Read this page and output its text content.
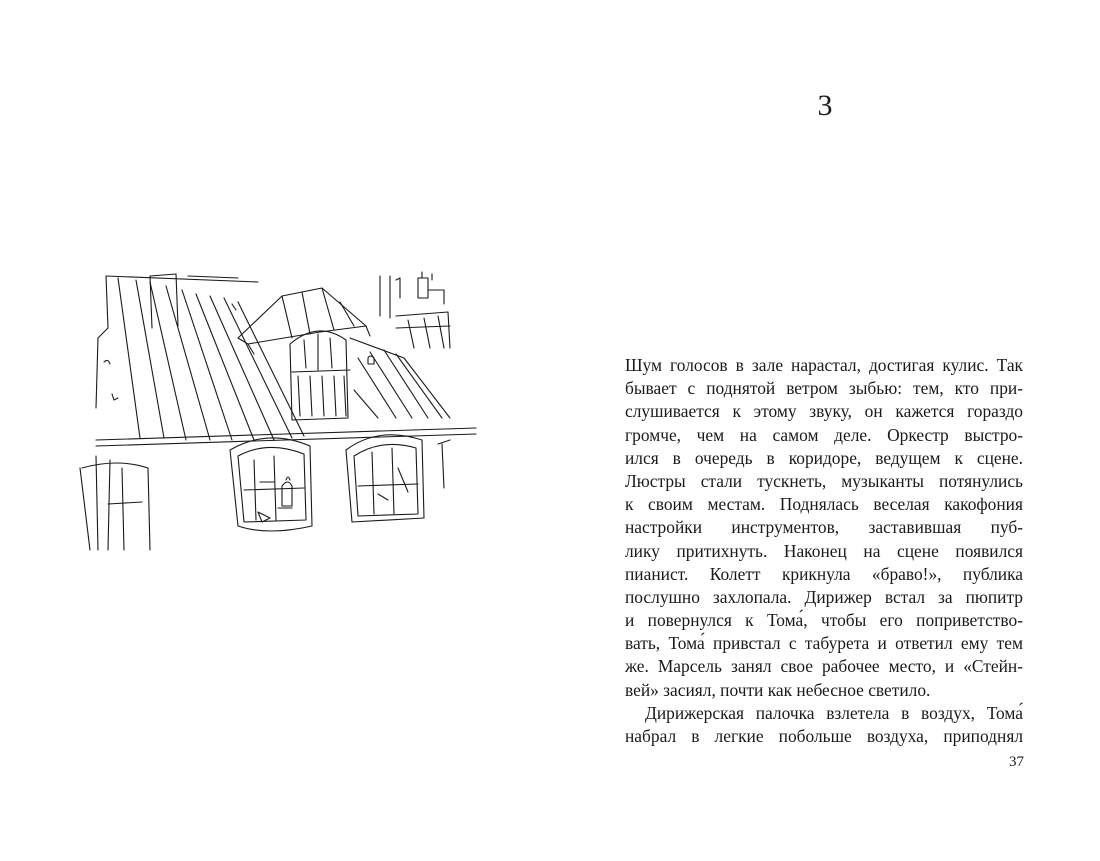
3
Шум голосов в зале нарастал, достигая кулис. Так
бывает с поднятой ветром зыбью: тем, кто при-
слушивается к этому звуку, он кажется гораздо
громче, чем на самом деле. Оркестр выстро-
ился в очередь в коридоре, ведущем к сцене.
Люстры стали тускнеть, музыканты потянулись
к своим местам. Поднялась веселая какофония
настройки инструментов, заставившая пуб-
лику притихнуть. Наконец на сцене появился
пианист. Колетт крикнула «браво!», публика
послушно захлопала. Дирижер встал за пюпитр
и повернулся к Тома́, чтобы его поприветство-
вать, Тома́ привстал с табурета и ответил ему тем
же. Марсель занял свое рабочее место, и «Стейн-
вей» засиял, почти как небесное светило.
Дирижерская палочка взлетела в воздух, Тома́
набрал в легкие побольше воздуха, приподнял
37
